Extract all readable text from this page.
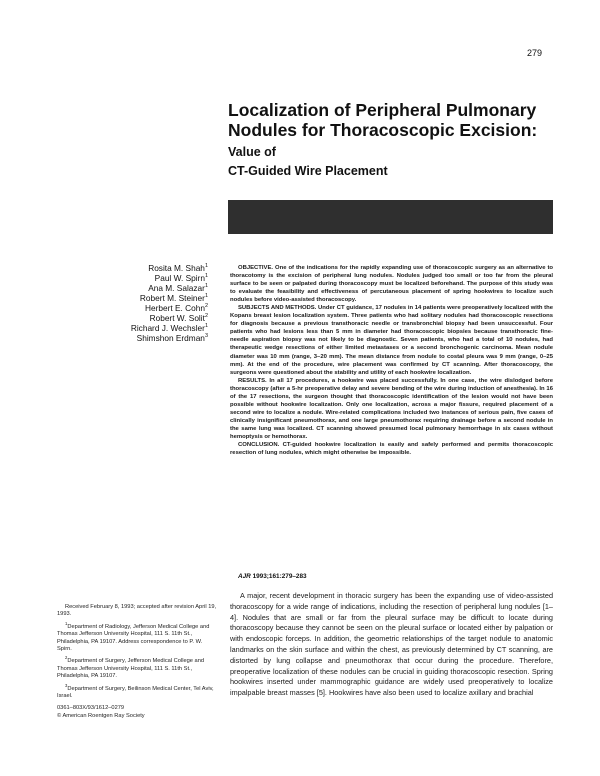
279
Localization of Peripheral Pulmonary Nodules for Thoracoscopic Excision: Value of
CT-Guided Wire Placement
Rosita M. Shah$^1$
Paul W. Spirn$^1$
Ana M. Salazar$^1$
Robert M. Steiner$^1$
Herbert E. Cohn$^2$
Robert W. Solit$^2$
Richard J. Wechsler$^1$
Shimshon Erdman$^3$

OBJECTIVE. One of the indications for the rapidly expanding use of thoracoscopic surgery as an alternative to thoracotomy is the excision of peripheral lung nodules. Nodules judged too small or too far from the pleural surface to be seen or palpated during thoracoscopy must be localized beforehand. The purpose of this study was to evaluate the feasibility and effectiveness of percutaneous placement of spring hookwires to localize such nodules before video-assisted thoracoscopy.

SUBJECTS AND METHODS. Under CT guidance, 17 nodules in 14 patients were preoperatively localized with the Kopans breast lesion localization system. Three patients who had solitary nodules had thoracoscopic resections for diagnosis because a previous transthoracic needle or transbronchial biopsy had been unsuccessful. Four patients who had lesions less than 5 mm in diameter had thoracoscopic biopsies because transthoracic fine-needle aspiration biopsy was not likely to be diagnostic. Seven patients, who had a total of 10 nodules, had therapeutic wedge resections of either limited metastases or a second bronchogenic carcinoma. Mean nodule diameter was 10 mm (range, 3–20 mm). The mean distance from nodule to costal pleura was 9 mm (range, 0–25 mm). At the end of the procedure, wire placement was confirmed by CT scanning. After thoracoscopy, the surgeons were questioned about the stability and utility of each hookwire localization.

RESULTS. In all 17 procedures, a hookwire was placed successfully. In one case, the wire dislodged before thoracoscopy (after a 5-hr preoperative delay and severe bending of the wire during induction of anesthesia). In 16 of the 17 resections, the surgeon thought that thoracoscopic identification of the lesion would not have been possible without hookwire localization. Only one localization, across a major fissure, required placement of a second wire to localize a nodule. Wire-related complications included two instances of serious pain, five cases of clinically insignificant pneumothorax, and one large pneumothorax requiring drainage before a second nodule in the same lung was localized. CT scanning showed presumed local pulmonary hemorrhage in six cases without hemoptysis or hemothorax.

CONCLUSION. CT-guided hookwire localization is easily and safely performed and permits thoracoscopic resection of lung nodules, which might otherwise be impossible.

AJR 1993;161:279–283

Received February 8, 1993; accepted after revision April 19, 1993.

$^1$Department of Radiology, Jefferson Medical College and Thomas Jefferson University Hospital, 111 S. 11th St., Philadelphia, PA 19107. Address correspondence to P. W. Spirn.

$^2$Department of Surgery, Jefferson Medical College and Thomas Jefferson University Hospital, 111 S. 11th St., Philadelphia, PA 19107.

$^3$Department of Surgery, Beilinson Medical Center, Tel Aviv, Israel.

0361–803X/93/1612–0279
© American Roentgen Ray Society

A major, recent development in thoracic surgery has been the expanding use of video-assisted thoracoscopy for a wide range of indications, including the resection of peripheral lung nodules [1–4]. Nodules that are small or far from the pleural surface may be difficult to locate during thoracoscopy because they cannot be seen on the pleural surface or located either by palpation or with endoscopic forceps. In addition, the geometric relationships of the target nodule to anatomic landmarks on the skin surface and within the chest, as previously determined by CT scanning, are distorted by lung collapse and pneumothorax that occur during the procedure. Therefore, preoperative localization of these nodules can be crucial in guiding thoracoscopic resection. Spring hookwires inserted under mammographic guidance are widely used preoperatively to localize impalpable breast masses [5]. Hookwires have also been used to localize axillary and brachial
